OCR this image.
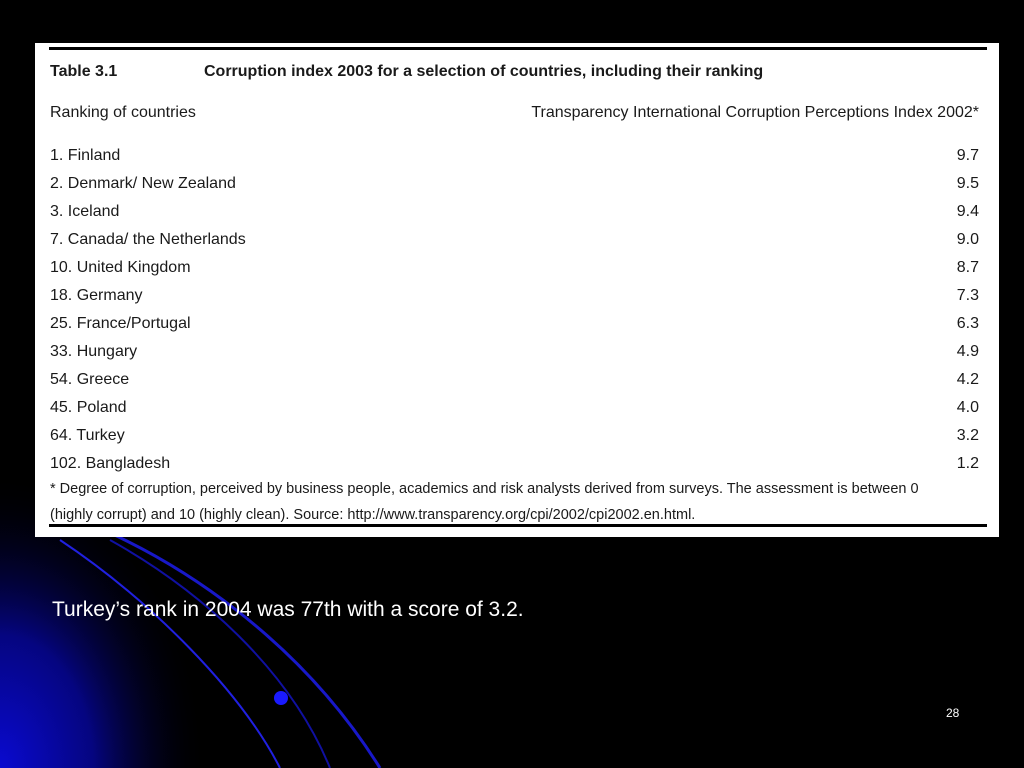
Table 3.1	Corruption index 2003 for a selection of countries, including their ranking
Ranking of countries	Transparency International Corruption Perceptions Index 2002*
1. Finland	9.7
2. Denmark/ New Zealand	9.5
3. Iceland	9.4
7. Canada/ the Netherlands	9.0
10. United Kingdom	8.7
18. Germany	7.3
25. France/Portugal	6.3
33. Hungary	4.9
54. Greece	4.2
45. Poland	4.0
64. Turkey	3.2
102. Bangladesh	1.2
* Degree of corruption, perceived by business people, academics and risk analysts derived from surveys. The assessment is between 0
(highly corrupt) and 10 (highly clean). Source: http://www.transparency.org/cpi/2002/cpi2002.en.html.
Turkey’s rank in 2004 was 77th with a score of 3.2.
28
